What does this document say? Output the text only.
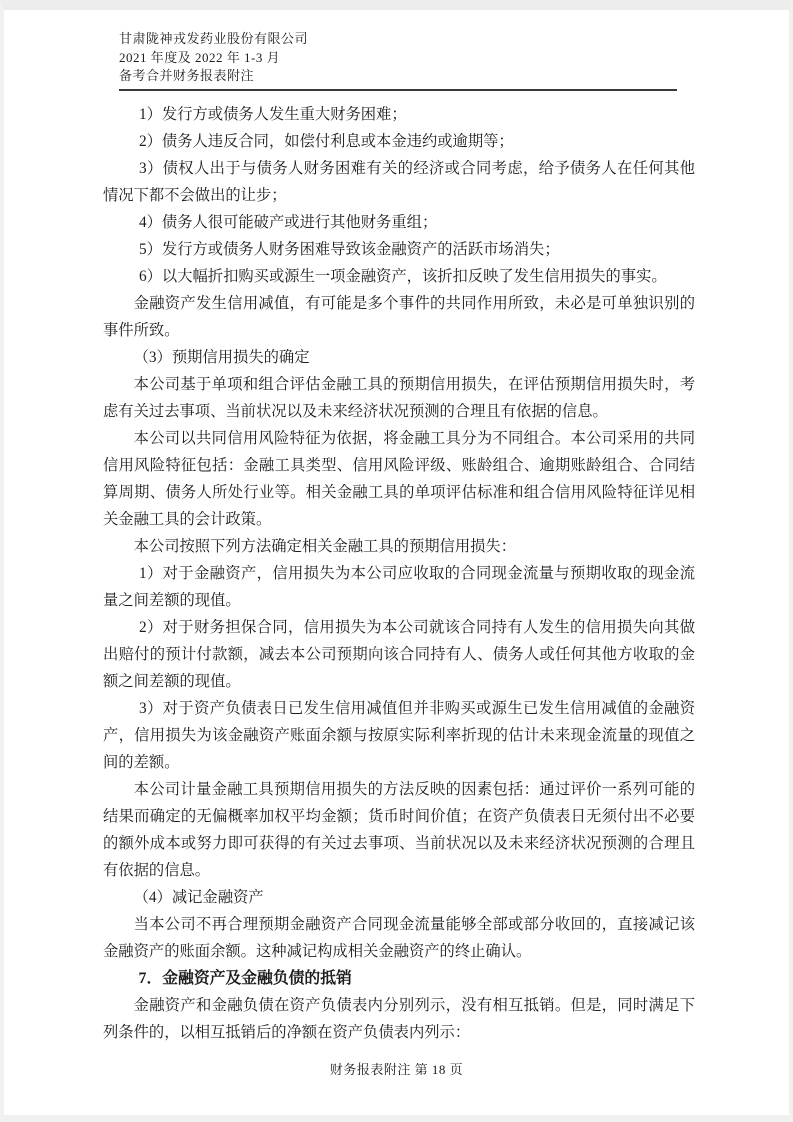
甘肃陇神戎发药业股份有限公司
2021 年度及 2022 年 1-3 月
备考合并财务报表附注

1）发行方或债务人发生重大财务困难；

2）债务人违反合同，如偿付利息或本金违约或逾期等；

3）债权人出于与债务人财务困难有关的经济或合同考虑，给予债务人在任何其他情况下都不会做出的让步；

4）债务人很可能破产或进行其他财务重组；

5）发行方或债务人财务困难导致该金融资产的活跃市场消失；

6）以大幅折扣购买或源生一项金融资产，该折扣反映了发生信用损失的事实。

金融资产发生信用减值，有可能是多个事件的共同作用所致，未必是可单独识别的事件所致。

（3）预期信用损失的确定

本公司基于单项和组合评估金融工具的预期信用损失，在评估预期信用损失时，考虑有关过去事项、当前状况以及未来经济状况预测的合理且有依据的信息。

本公司以共同信用风险特征为依据，将金融工具分为不同组合。本公司采用的共同信用风险特征包括：金融工具类型、信用风险评级、账龄组合、逾期账龄组合、合同结算周期、债务人所处行业等。相关金融工具的单项评估标准和组合信用风险特征详见相关金融工具的会计政策。

本公司按照下列方法确定相关金融工具的预期信用损失：

1）对于金融资产，信用损失为本公司应收取的合同现金流量与预期收取的现金流量之间差额的现值。

2）对于财务担保合同，信用损失为本公司就该合同持有人发生的信用损失向其做出赔付的预计付款额，减去本公司预期向该合同持有人、债务人或任何其他方收取的金额之间差额的现值。

3）对于资产负债表日已发生信用减值但并非购买或源生已发生信用减值的金融资产，信用损失为该金融资产账面余额与按原实际利率折现的估计未来现金流量的现值之间的差额。

本公司计量金融工具预期信用损失的方法反映的因素包括：通过评价一系列可能的结果而确定的无偏概率加权平均金额；货币时间价值；在资产负债表日无须付出不必要的额外成本或努力即可获得的有关过去事项、当前状况以及未来经济状况预测的合理且有依据的信息。

（4）减记金融资产

当本公司不再合理预期金融资产合同现金流量能够全部或部分收回的，直接减记该金融资产的账面余额。这种减记构成相关金融资产的终止确认。

7．金融资产及金融负债的抵销

金融资产和金融负债在资产负债表内分别列示，没有相互抵销。但是，同时满足下列条件的，以相互抵销后的净额在资产负债表内列示：

财务报表附注 第 18 页
